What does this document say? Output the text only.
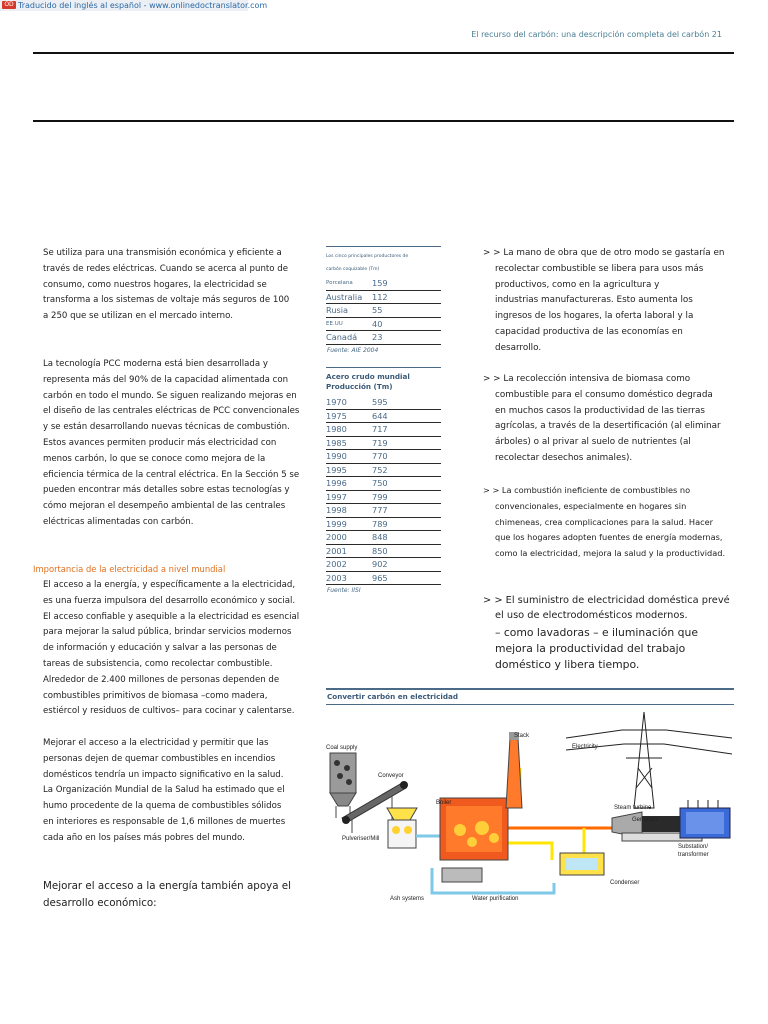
OD Traducido del inglés al español - www.onlinedoctranslator.com
El recurso del carbón: una descripción completa del carbón 21

Se utiliza para una transmisión económica y eficiente a

través de redes eléctricas. Cuando se acerca al punto de

consumo, como nuestros hogares, la electricidad se

transforma a los sistemas de voltaje más seguros de 100

a 250 que se utilizan en el mercado interno.

La tecnología PCC moderna está bien desarrollada y

representa más del 90% de la capacidad alimentada con

carbón en todo el mundo. Se siguen realizando mejoras en

el diseño de las centrales eléctricas de PCC convencionales

y se están desarrollando nuevas técnicas de combustión.

Estos avances permiten producir más electricidad con

menos carbón, lo que se conoce como mejora de la

eficiencia térmica de la central eléctrica. En la Sección 5 se

pueden encontrar más detalles sobre estas tecnologías y

cómo mejoran el desempeño ambiental de las centrales

eléctricas alimentadas con carbón.

Importancia de la electricidad a nivel mundial

El acceso a la energía, y específicamente a la electricidad,

es una fuerza impulsora del desarrollo económico y social.

El acceso confiable y asequible a la electricidad es esencial

para mejorar la salud pública, brindar servicios modernos

de información y educación y salvar a las personas de

tareas de subsistencia, como recolectar combustible.

Alrededor de 2.400 millones de personas dependen de

combustibles primitivos de biomasa –como madera,

estiércol y residuos de cultivos– para cocinar y calentarse.

Mejorar el acceso a la electricidad y permitir que las

personas dejen de quemar combustibles en incendios

domésticos tendría un impacto significativo en la salud.

La Organización Mundial de la Salud ha estimado que el

humo procedente de la quema de combustibles sólidos

en interiores es responsable de 1,6 millones de muertes

cada año en los países más pobres del mundo.

Mejorar el acceso a la energía también apoya el

desarrollo económico:

Los cinco principales productores de
carbón coquizable (Tm)
Porcelana	159
Australia	112
Rusia	55
EE.UU	40
Canadá	23
Fuente: AIE 2004
Acero crudo mundial
Producción (Tm)
1970	595
1975	644
1980	717
1985	719
1990	770
1995	752
1996	750
1997	799
1998	777
1999	789
2000	848
2001	850
2002	902
2003	965
Fuente: IISI
> > La mano de obra que de otro modo se gastaría en
recolectar combustible se libera para usos más
productivos, como en la agricultura y
industrias manufactureras. Esto aumenta los
ingresos de los hogares, la oferta laboral y la
capacidad productiva de las economías en
desarrollo.
> > La recolección intensiva de biomasa como
combustible para el consumo doméstico degrada
en muchos casos la productividad de las tierras
agrícolas, a través de la desertificación (al eliminar
árboles) o al privar al suelo de nutrientes (al
recolectar desechos animales).
> > La combustión ineficiente de combustibles no
convencionales, especialmente en hogares sin
chimeneas, crea complicaciones para la salud. Hacer
que los hogares adopten fuentes de energía modernas,
como la electricidad, mejora la salud y la productividad.
> > El suministro de electricidad doméstica prevé
el uso de electrodomésticos modernos.
– como lavadoras – e iluminación que
mejora la productividad del trabajo
doméstico y libera tiempo.
Convertir carbón en electricidad
Coal supply
Conveyor
Pulveriser/Mill
Ash systems	Water purification
Stack
Boiler
Electricity
Steam turbine
Generator
Substation/
transformer
Condenser
